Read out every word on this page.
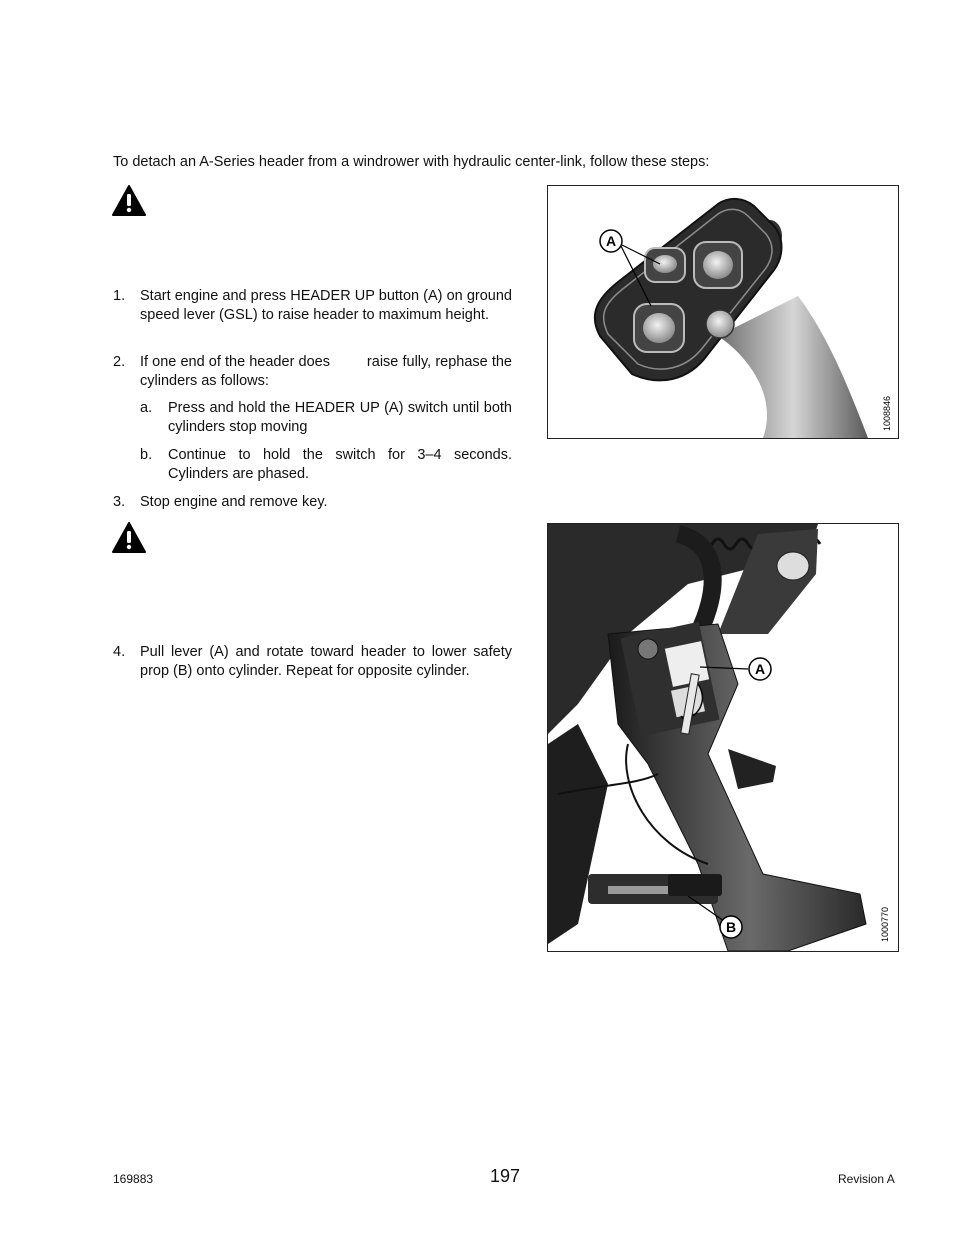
To detach an A-Series header from a windrower with hydraulic center-link, follow these steps:
1. Start engine and press HEADER UP button (A) on ground speed lever (GSL) to raise header to maximum height.
2. If one end of the header does         raise fully, rephase the cylinders as follows:
a. Press and hold the HEADER UP (A) switch until both cylinders stop moving
b. Continue to hold the switch for 3–4 seconds. Cylinders are phased.
3. Stop engine and remove key.
4. Pull lever (A) and rotate toward header to lower safety prop (B) onto cylinder. Repeat for opposite cylinder.
A
1008846
A
B	1000770
169883	197	Revision A
